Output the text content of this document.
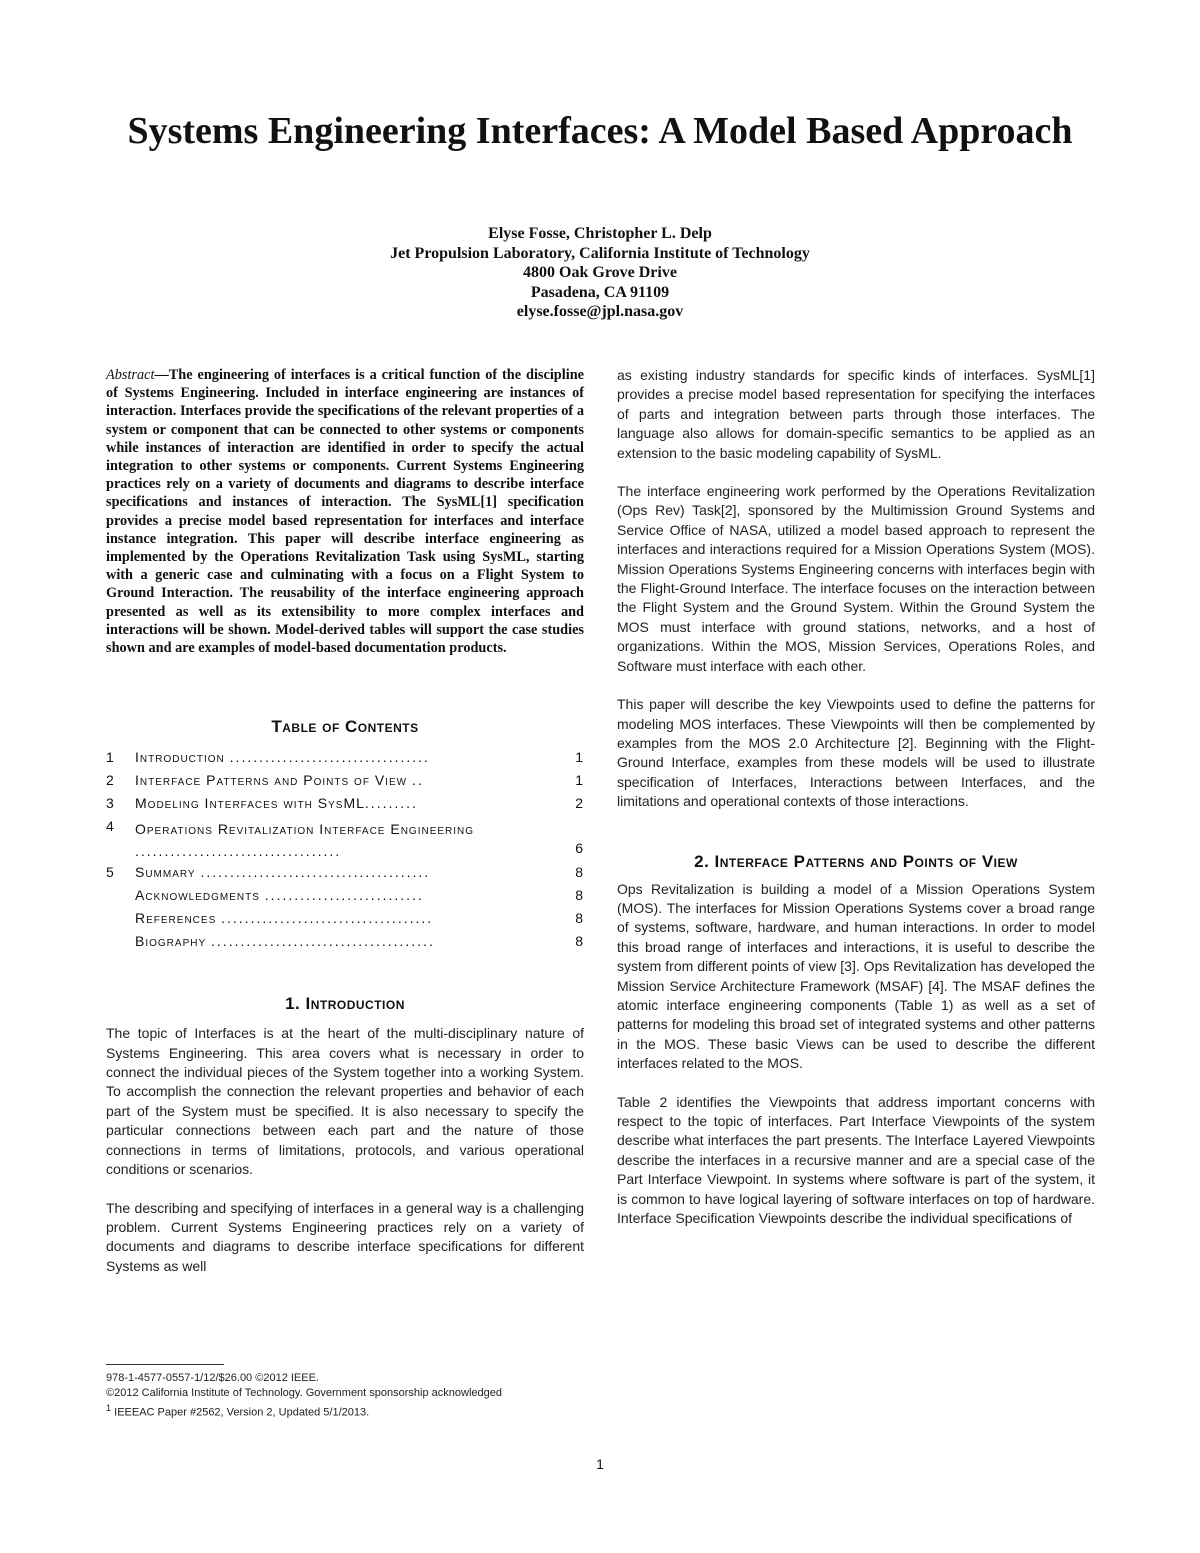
Systems Engineering Interfaces: A Model Based Approach
Elyse Fosse, Christopher L. Delp
Jet Propulsion Laboratory, California Institute of Technology
4800 Oak Grove Drive
Pasadena, CA 91109
elyse.fosse@jpl.nasa.gov

Abstract—The engineering of interfaces is a critical function of the discipline of Systems Engineering. Included in interface engineering are instances of interaction. Interfaces provide the specifications of the relevant properties of a system or component that can be connected to other systems or components while instances of interaction are identified in order to specify the actual integration to other systems or components. Current Systems Engineering practices rely on a variety of documents and diagrams to describe interface specifications and instances of interaction. The SysML[1] specification provides a precise model based representation for interfaces and interface instance integration. This paper will describe interface engineering as implemented by the Operations Revitalization Task using SysML, starting with a generic case and culminating with a focus on a Flight System to Ground Interaction. The reusability of the interface engineering approach presented as well as its extensibility to more complex interfaces and interactions will be shown. Model-derived tables will support the case studies shown and are examples of model-based documentation products.

Table of Contents
1 Introduction ..................................	1
2 Interface Patterns and Points of View ..	1
3 Modeling Interfaces with SysML.........	2
4 Operations Revitalization Interface Engineering ...................................	6
5 Summary .......................................	8
Acknowledgments ...........................	8
References ....................................	8
Biography ......................................	8
1. Introduction

The topic of Interfaces is at the heart of the multi-disciplinary nature of Systems Engineering. This area covers what is necessary in order to connect the individual pieces of the System together into a working System. To accomplish the connection the relevant properties and behavior of each part of the System must be specified. It is also necessary to specify the particular connections between each part and the nature of those connections in terms of limitations, protocols, and various operational conditions or scenarios.

The describing and specifying of interfaces in a general way is a challenging problem. Current Systems Engineering practices rely on a variety of documents and diagrams to describe interface specifications for different Systems as well

as existing industry standards for specific kinds of interfaces. SysML[1] provides a precise model based representation for specifying the interfaces of parts and integration between parts through those interfaces. The language also allows for domain-specific semantics to be applied as an extension to the basic modeling capability of SysML.

The interface engineering work performed by the Operations Revitalization (Ops Rev) Task[2], sponsored by the Multimission Ground Systems and Service Office of NASA, utilized a model based approach to represent the interfaces and interactions required for a Mission Operations System (MOS). Mission Operations Systems Engineering concerns with interfaces begin with the Flight-Ground Interface. The interface focuses on the interaction between the Flight System and the Ground System. Within the Ground System the MOS must interface with ground stations, networks, and a host of organizations. Within the MOS, Mission Services, Operations Roles, and Software must interface with each other.

This paper will describe the key Viewpoints used to define the patterns for modeling MOS interfaces. These Viewpoints will then be complemented by examples from the MOS 2.0 Architecture [2]. Beginning with the Flight-Ground Interface, examples from these models will be used to illustrate specification of Interfaces, Interactions between Interfaces, and the limitations and operational contexts of those interactions.

2. Interface Patterns and Points of View

Ops Revitalization is building a model of a Mission Operations System (MOS). The interfaces for Mission Operations Systems cover a broad range of systems, software, hardware, and human interactions. In order to model this broad range of interfaces and interactions, it is useful to describe the system from different points of view [3]. Ops Revitalization has developed the Mission Service Architecture Framework (MSAF) [4]. The MSAF defines the atomic interface engineering components (Table 1) as well as a set of patterns for modeling this broad set of integrated systems and other patterns in the MOS. These basic Views can be used to describe the different interfaces related to the MOS.

Table 2 identifies the Viewpoints that address important concerns with respect to the topic of interfaces. Part Interface Viewpoints of the system describe what interfaces the part presents. The Interface Layered Viewpoints describe the interfaces in a recursive manner and are a special case of the Part Interface Viewpoint. In systems where software is part of the system, it is common to have logical layering of software interfaces on top of hardware. Interface Specification Viewpoints describe the individual specifications of

978-1-4577-0557-1/12/$26.00 ©2012 IEEE.

©2012 California Institute of Technology. Government sponsorship acknowledged

$^1$ IEEEAC Paper #2562, Version 2, Updated 5/1/2013.

1
